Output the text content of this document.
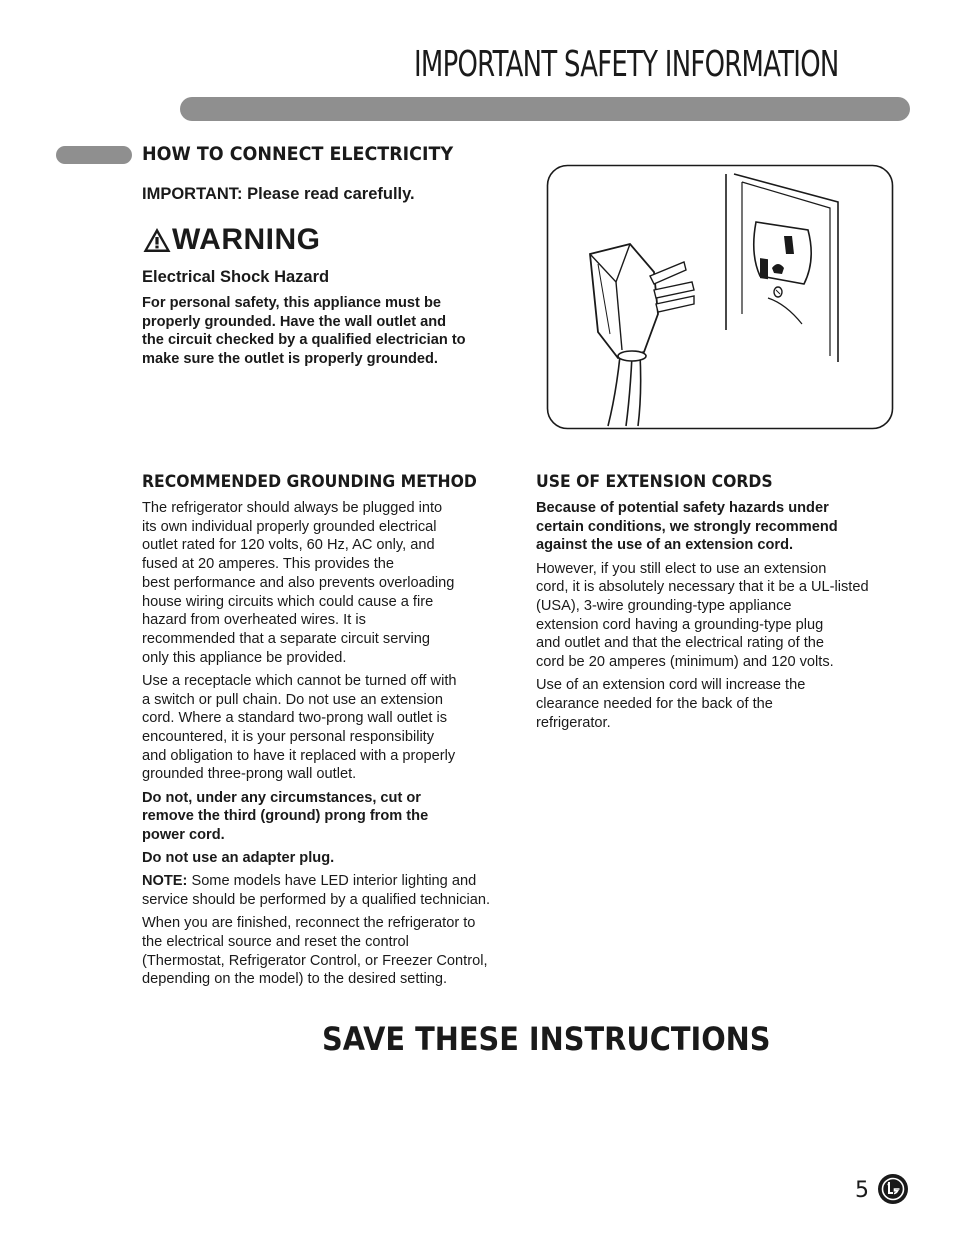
IMPORTANT SAFETY INFORMATION
HOW TO CONNECT ELECTRICITY
IMPORTANT: Please read carefully.
WARNING
Electrical Shock Hazard
For personal safety, this appliance must be
properly grounded. Have the wall outlet and
the circuit checked by a qualified electrician to
make sure the outlet is properly grounded.
RECOMMENDED GROUNDING METHOD

The refrigerator should always be plugged into
its own individual properly grounded electrical
outlet rated for 120 volts, 60 Hz, AC only, and
fused at 20 amperes. This provides the
best performance and also prevents overloading
house wiring circuits which could cause a fire
hazard from overheated wires. It is
recommended that a separate circuit serving
only this appliance be provided.

Use a receptacle which cannot be turned off with
a switch or pull chain. Do not use an extension
cord. Where a standard two-prong wall outlet is
encountered, it is your personal responsibility
and obligation to have it replaced with a properly
grounded three-prong wall outlet.

Do not, under any circumstances, cut or
remove the third (ground) prong from the
power cord.

Do not use an adapter plug.

NOTE: Some models have LED interior lighting and
service should be performed by a qualified technician.

When you are finished, reconnect the refrigerator to
the electrical source and reset the control
(Thermostat, Refrigerator Control, or Freezer Control,
depending on the model) to the desired setting.

USE OF EXTENSION CORDS

Because of potential safety hazards under
certain conditions, we strongly recommend
against the use of an extension cord.

However, if you still elect to use an extension
cord, it is absolutely necessary that it be a UL-listed
(USA), 3-wire grounding-type appliance
extension cord having a grounding-type plug
and outlet and that the electrical rating of the
cord be 20 amperes (minimum) and 120 volts.

Use of an extension cord will increase the
clearance needed for the back of the
refrigerator.

SAVE THESE INSTRUCTIONS
5
